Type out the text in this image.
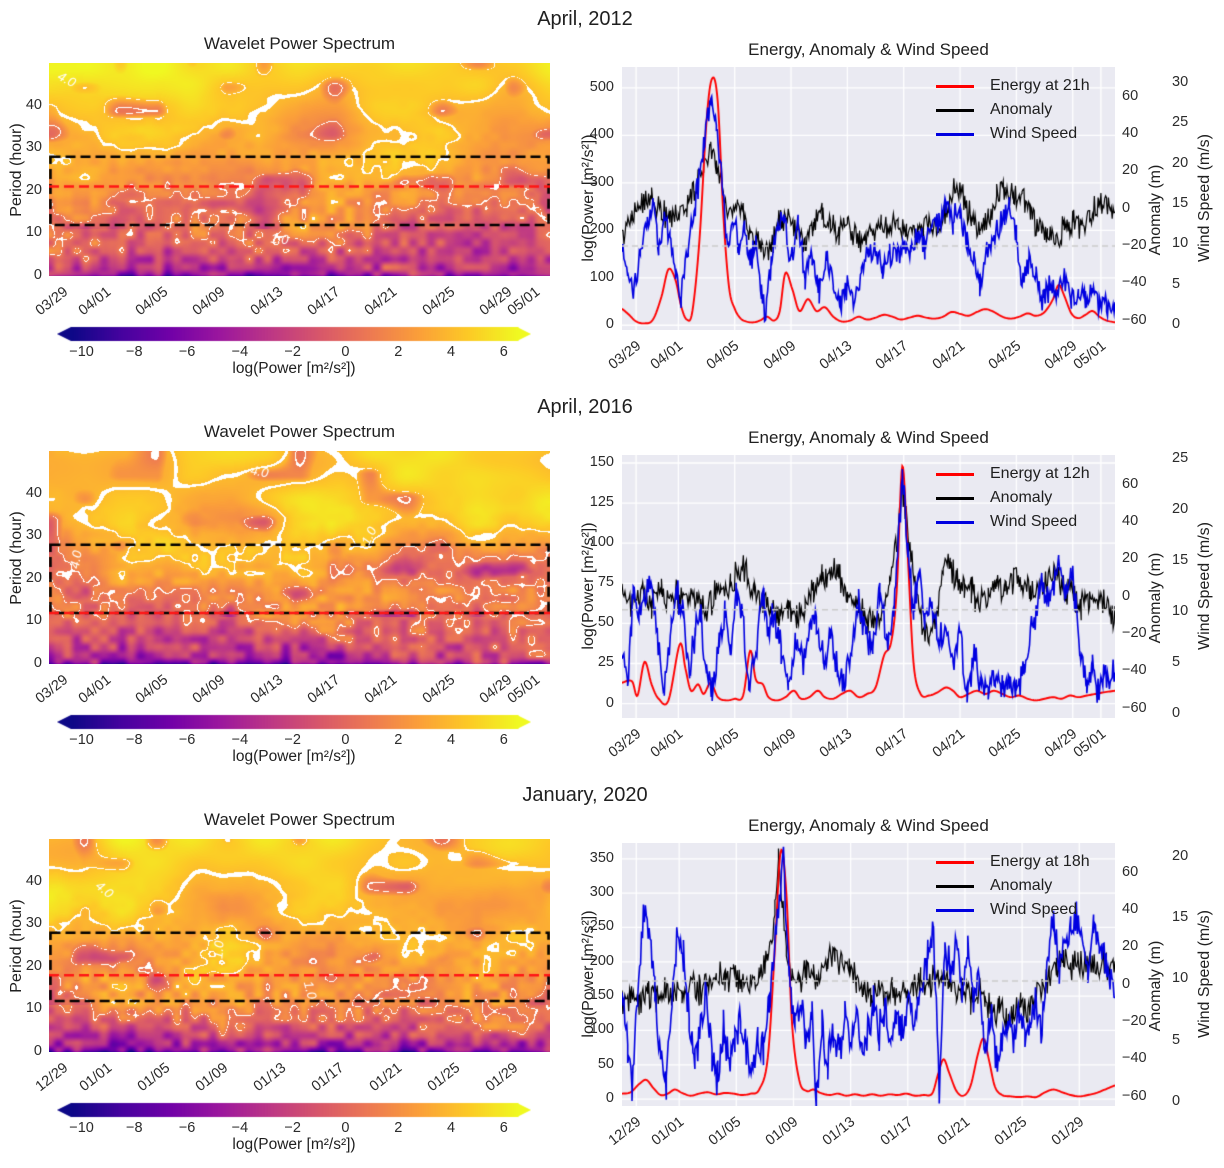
April, 2012
Wavelet Power Spectrum
Period (hour)
log(Power [m²/s²])
Energy, Anomaly & Wind Speed
log(Power [m²/s²])	Anomaly (m) Wind Speed (m/s)
Energy at 21h
Anomaly
Wind Speed
0
10
20
30
40
03/29 04/01 04/05 04/09 04/13 04/17 04/21 04/25 04/29
05/01
−10	−8	−6	−4	−2	0	2	4	6
0
100
200
300
400
500
03/29 04/01 04/05 04/09 04/13 04/17 04/21 04/25 04/29
05/01
60
40
20
0
−20
−40
−60
30
25
20
15
10
5
0
April, 2016
Wavelet Power Spectrum
Period (hour)
log(Power [m²/s²])
Energy, Anomaly & Wind Speed
log(Power [m²/s²])	Anomaly (m) Wind Speed (m/s)
Energy at 12h
Anomaly
Wind Speed
0
10
20
30
40
03/29 04/01 04/05 04/09 04/13 04/17 04/21 04/25 04/29
05/01
−10	−8	−6	−4	−2	0	2	4	6
0
25
50
75
100
125
150
03/29 04/01 04/05 04/09 04/13 04/17 04/21 04/25 04/29
05/01
60
40
20
0
−20
−40
−60
25
20
15
10
5
0
January, 2020
Wavelet Power Spectrum
Period (hour)
log(Power [m²/s²])
Energy, Anomaly & Wind Speed
log(Power [m²/s²])	Anomaly (m) Wind Speed (m/s)
Energy at 18h
Anomaly
Wind Speed
0
10
20
30
40
12/29 01/01 01/05 01/09 01/13 01/17 01/21 01/25 01/29
−10	−8	−6	−4	−2	0	2	4	6
0
50
100
150
200
250
300
350
12/29 01/01 01/05 01/09 01/13 01/17 01/21 01/25 01/29
60
40
20
0
−20
−40
−60
20
15
10
5
0
